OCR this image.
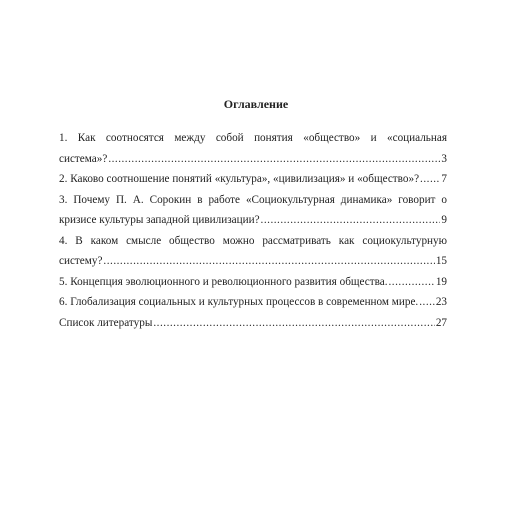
Оглавление
1. Как соотносятся между собой понятия «общество» и «социальная
система»? .....	3
2. Каково соотношение понятий «культура», «цивилизация» и «общество»? ..... 7
3. Почему П. А. Сорокин в работе «Социокультурная динамика» говорит о
кризисе культуры западной цивилизации? .....	9
4. В каком смысле общество можно рассматривать как социокультурную
систему? .....	15
5. Концепция эволюционного и революционного развития общества. .....	19
6. Глобализация социальных и культурных процессов в современном мире. ..... 23
Список литературы .....	27
